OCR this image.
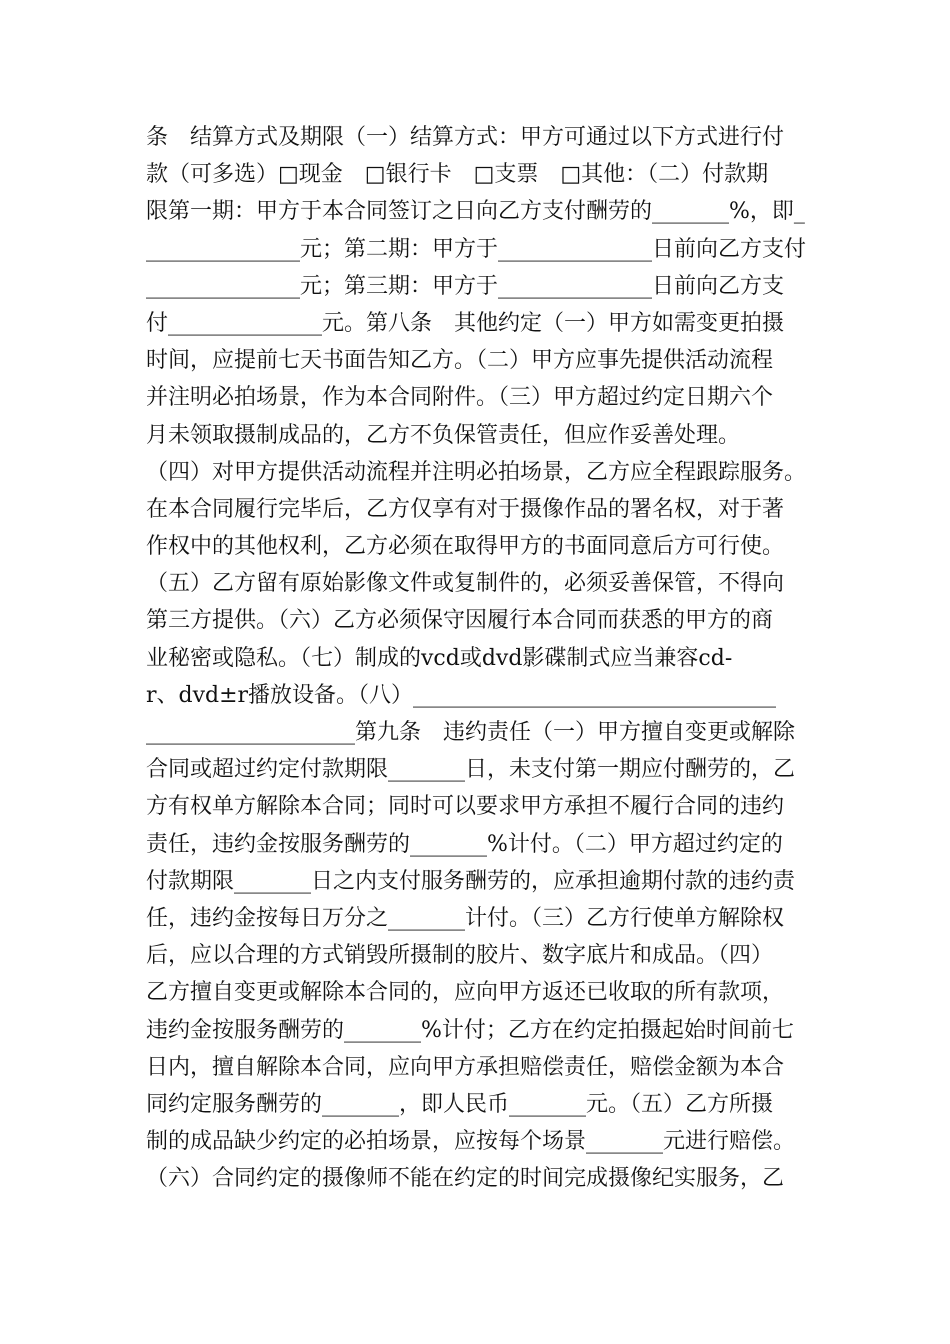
条　结算方式及期限（一）结算方式：甲方可通过以下方式进行付
款（可多选）□现金　□银行卡　□支票　□其他：（二）付款期
限第一期：甲方于本合同签订之日向乙方支付酬劳的_______%，即_
______________元；第二期：甲方于______________日前向乙方支付
______________元；第三期：甲方于______________日前向乙方支
付______________元。第八条　其他约定（一）甲方如需变更拍摄
时间，应提前七天书面告知乙方。（二）甲方应事先提供活动流程
并注明必拍场景，作为本合同附件。（三）甲方超过约定日期六个
月未领取摄制成品的，乙方不负保管责任，但应作妥善处理。
（四）对甲方提供活动流程并注明必拍场景，乙方应全程跟踪服务。
在本合同履行完毕后，乙方仅享有对于摄像作品的署名权，对于著
作权中的其他权利，乙方必须在取得甲方的书面同意后方可行使。
（五）乙方留有原始影像文件或复制件的，必须妥善保管，不得向
第三方提供。（六）乙方必须保守因履行本合同而获悉的甲方的商
业秘密或隐私。（七）制成的vcd或dvd影碟制式应当兼容cd-
r、dvd±r播放设备。（八）_________________________________
___________________第九条　违约责任（一）甲方擅自变更或解除
合同或超过约定付款期限_______日，未支付第一期应付酬劳的，乙
方有权单方解除本合同；同时可以要求甲方承担不履行合同的违约
责任，违约金按服务酬劳的_______%计付。（二）甲方超过约定的
付款期限_______日之内支付服务酬劳的，应承担逾期付款的违约责
任，违约金按每日万分之_______计付。（三）乙方行使单方解除权
后，应以合理的方式销毁所摄制的胶片、数字底片和成品。（四）
乙方擅自变更或解除本合同的，应向甲方返还已收取的所有款项，
违约金按服务酬劳的_______%计付；乙方在约定拍摄起始时间前七
日内，擅自解除本合同，应向甲方承担赔偿责任，赔偿金额为本合
同约定服务酬劳的_______，即人民币_______元。（五）乙方所摄
制的成品缺少约定的必拍场景，应按每个场景_______元进行赔偿。
（六）合同约定的摄像师不能在约定的时间完成摄像纪实服务，乙
